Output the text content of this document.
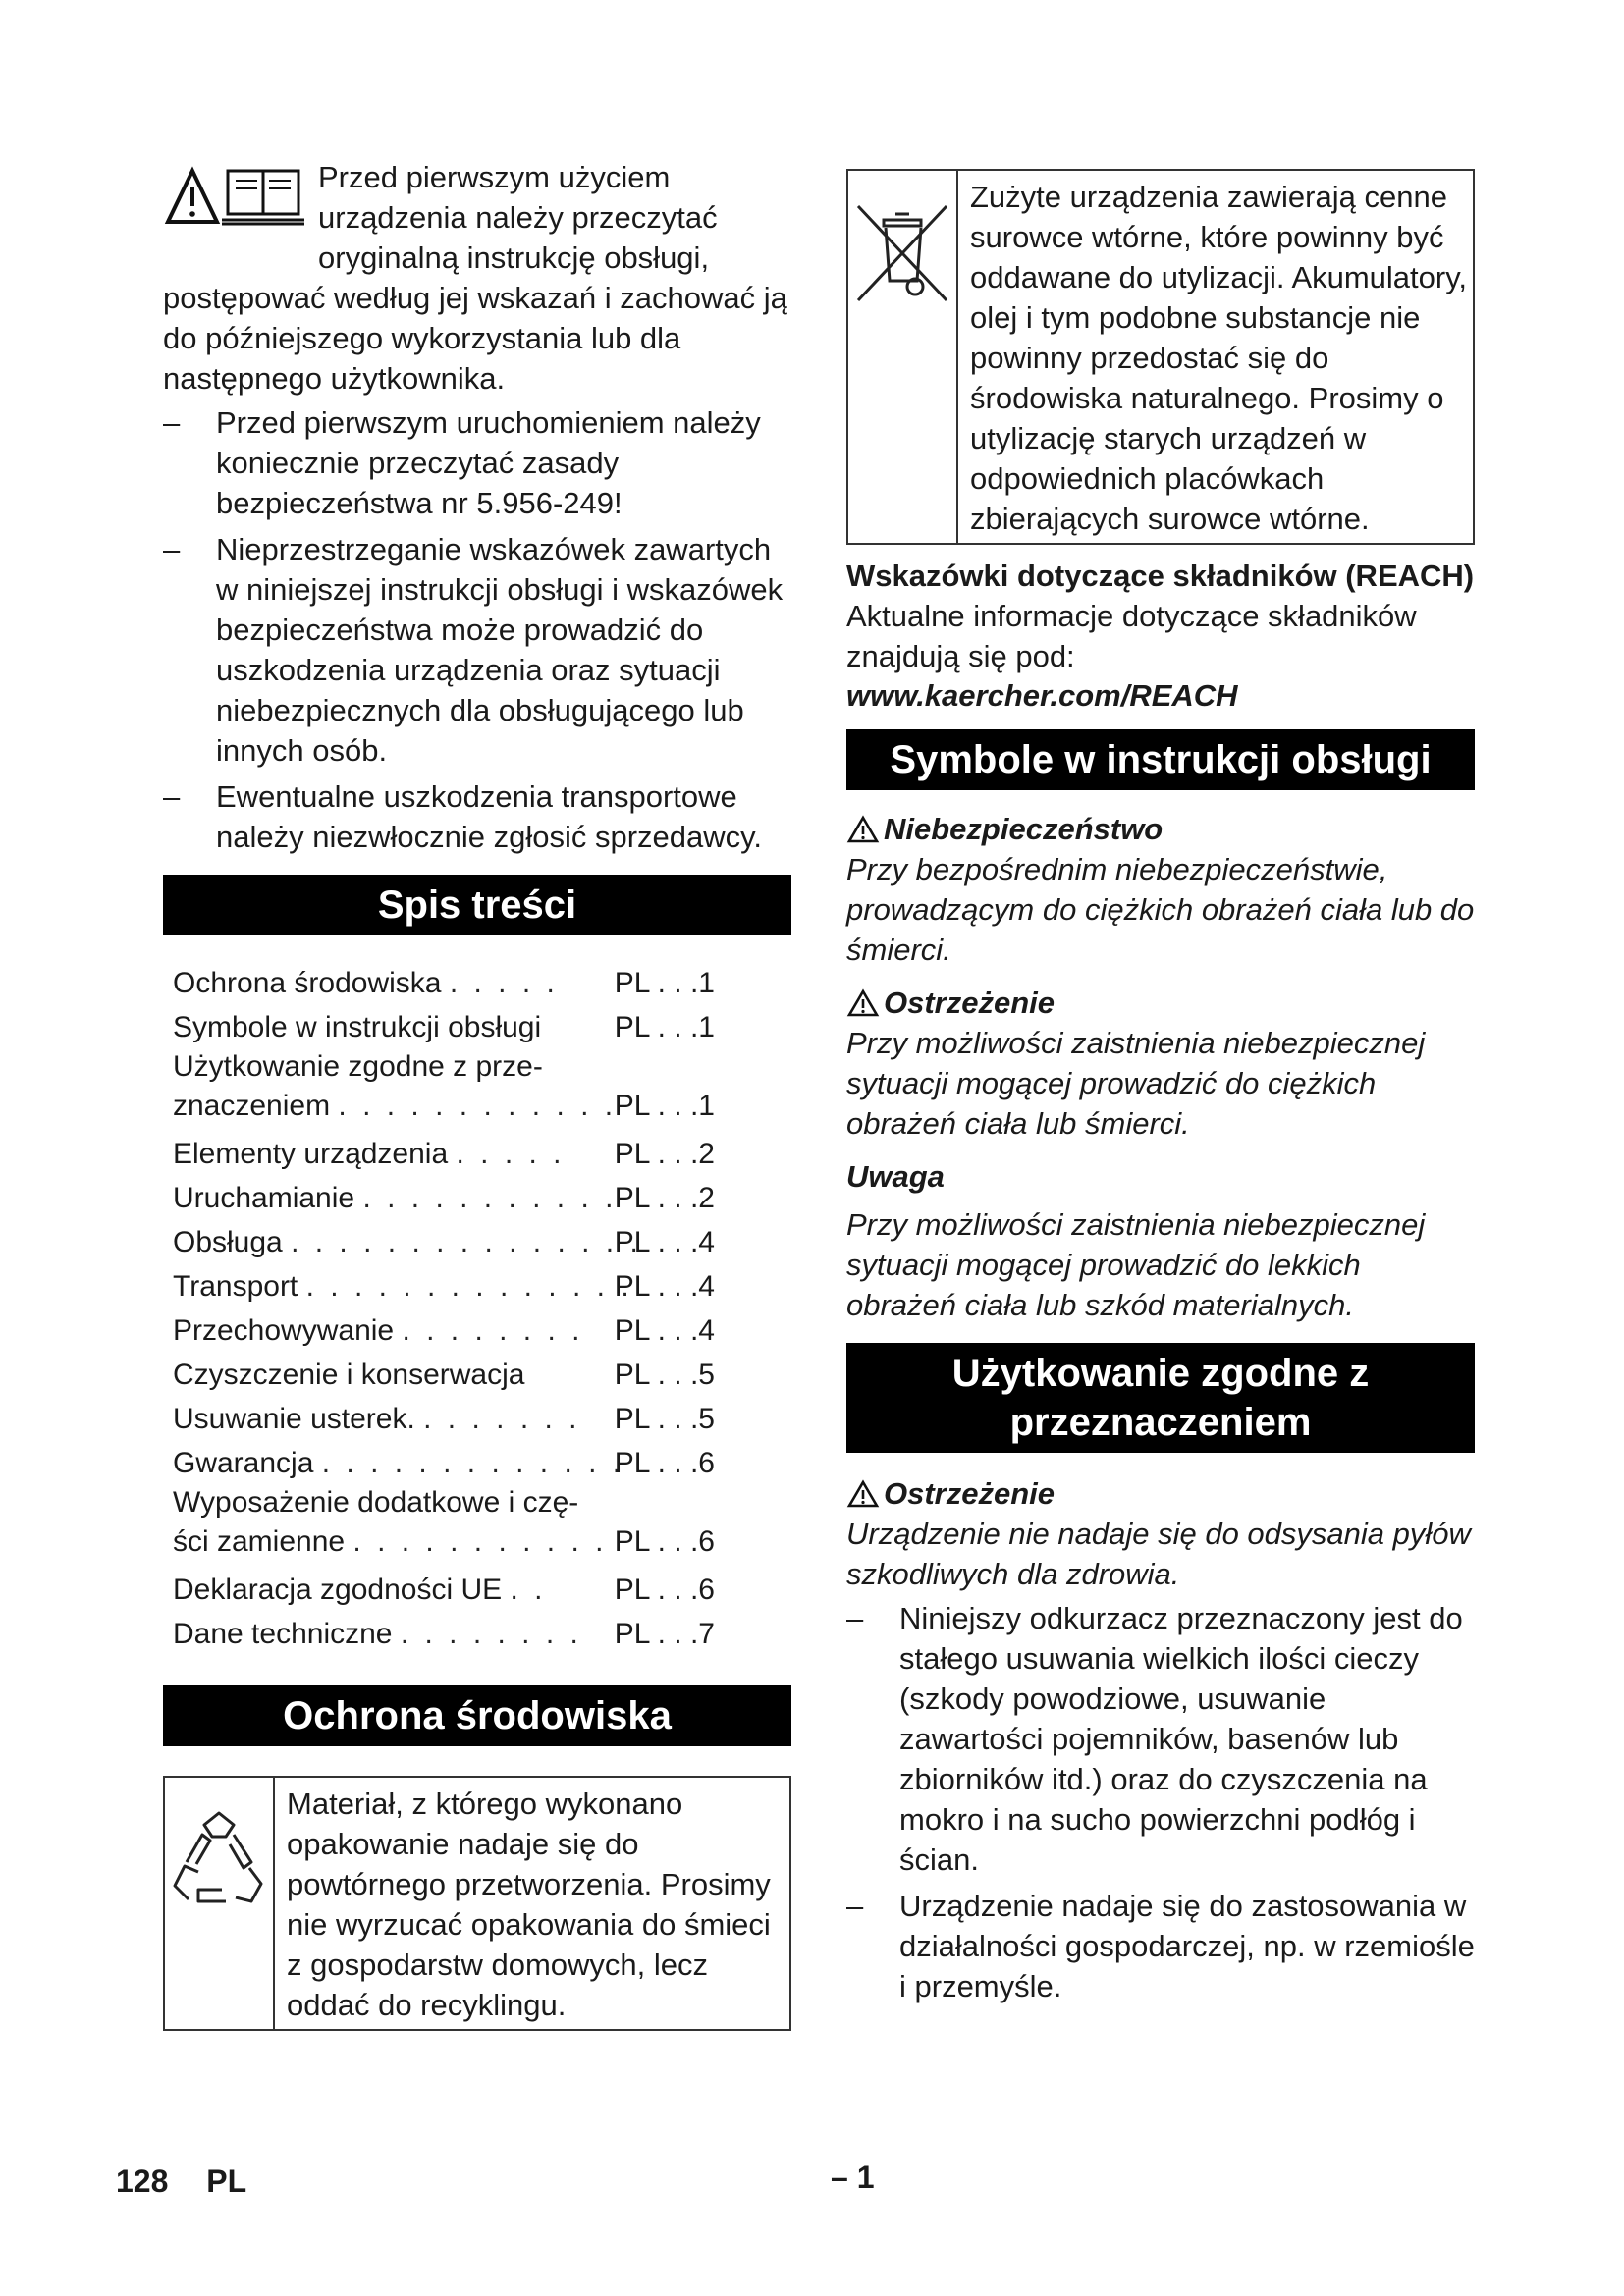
Przed pierwszym użyciem urządzenia należy przeczytać oryginalną instrukcję obsługi, postępować według jej wskazań i zachować ją do późniejszego wykorzystania lub dla następnego użytkownika.
– Przed pierwszym uruchomieniem należy koniecznie przeczytać zasady bezpieczeństwa nr 5.956-249!
– Nieprzestrzeganie wskazówek zawartych w niniejszej instrukcji obsługi i wskazówek bezpieczeństwa może prowadzić do uszkodzenia urządzenia oraz sytuacji niebezpiecznych dla obsługującego lub innych osób.
– Ewentualne uszkodzenia transportowe należy niezwłocznie zgłosić sprzedawcy.
Spis treści
Ochrona środowiska . . . . . PL . . .1
Symbole w instrukcji obsługi PL . . .1
Użytkowanie zgodne z prze-
znaczeniem . . . . . . . . . . . .
PL . . .1
Elementy urządzenia . . . . . PL . . .2
Uruchamianie . . . . . . . . . . .
PL . . .2
Obsługa . . . . . . . . . . . . . . .
PL . . .4
Transport . . . . . . . . . . . . . .
PL . . .4
Przechowywanie . . . . . . . . PL . . .4
Czyszczenie i konserwacja	PL . . .5
Usuwanie usterek. . . . . . . . PL . . .5
Gwarancja . . . . . . . . . . . . .
PL . . .6
Wyposażenie dodatkowe i czę-
ści zamienne . . . . . . . . . . . PL . . .6
Deklaracja zgodności UE . . PL . . .6
Dane techniczne . . . . . . . . PL . . .7
Ochrona środowiska
Materiał, z którego wykonano opakowanie nadaje się do powtórnego przetworzenia. Prosimy nie wyrzucać opakowania do śmieci z gospodarstw domowych, lecz oddać do recyklingu.
Zużyte urządzenia zawierają cenne surowce wtórne, które powinny być oddawane do utylizacji. Akumulatory, olej i tym podobne substancje nie powinny przedostać się do środowiska naturalnego. Prosimy o utylizację starych urządzeń w odpowiednich placówkach zbierających surowce wtórne.
Wskazówki dotyczące składników (REACH)
Aktualne informacje dotyczące składników znajdują się pod:
www.kaercher.com/REACH
Symbole w instrukcji obsługi
Niebezpieczeństwo
Przy bezpośrednim niebezpieczeństwie, prowadzącym do ciężkich obrażeń ciała lub do śmierci.
Ostrzeżenie
Przy możliwości zaistnienia niebezpiecznej sytuacji mogącej prowadzić do ciężkich obrażeń ciała lub śmierci.
Uwaga
Przy możliwości zaistnienia niebezpiecznej sytuacji mogącej prowadzić do lekkich obrażeń ciała lub szkód materialnych.
Użytkowanie zgodne z
przeznaczeniem
Ostrzeżenie
Urządzenie nie nadaje się do odsysania pyłów szkodliwych dla zdrowia.
– Niniejszy odkurzacz przeznaczony jest do stałego usuwania wielkich ilości cieczy (szkody powodziowe, usuwanie zawartości pojemników, basenów lub zbiorników itd.) oraz do czyszczenia na mokro i na sucho powierzchni podłóg i ścian.
– Urządzenie nadaje się do zastosowania w działalności gospodarczej, np. w rzemiośle i przemyśle.
128 PL	– 1
